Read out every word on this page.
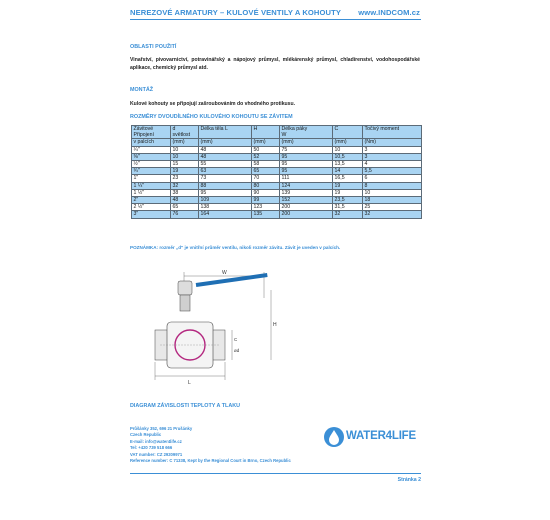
NEREZOVÉ ARMATURY – KULOVÉ VENTILY A KOHOUTY www.INDCOM.cz
OBLASTI POUŽITÍ
Vinařství, pivovarnictví, potravinářský a nápojový průmysl, mlékárenský průmysl, chladírenství, vodohospodářské aplikace, chemický průmysl atd.
MONTÁŽ
Kulové kohouty se připojují zašroubováním do vhodného protikusu.
ROZMĚRY DVOUDÍLNÉHO KULOVÉHO KOHOUTU SE ZÁVITEM
Závitové	d	Délka těla L	H	Délka páky	C	Točivý moment
Připojení	světlost			W		
v palcích	(mm)	(mm)	(mm)	(mm)	(mm)	(Nm)
¼"	10	48	50	75	10	3
⅜"	10	48	52	95	10,5	3
½"	15	55	58	95	13,5	4
¾"	19	63	65	95	14	5,5
1"	23	73	70	111	16,5	6
1 ¼"	32	88	80	124	19	8
1 ½"	38	95	90	139	19	10
2"	48	109	99	152	23,5	18
2 ½"	65	138	123	200	31,5	25
3"	76	164	135	200	32	32
POZNÁMKA: rozměr „d" je vnitřní průměr ventilu, nikoli rozměr závitu. Závit je uveden v palcích.
W
H
C
ød
L
DIAGRAM ZÁVISLOSTI TEPLOTY A TLAKU
Průšánky 352, 696 21 Prušánky
Czech Republic
E-mail: info@water4life.cz
Tel: +420 739 518 666
VAT number: CZ 29209971
Reference number: C 71338, Kept by the Regional Court in Brno, Czech Republic
WATER4LIFE
Stránka 2
